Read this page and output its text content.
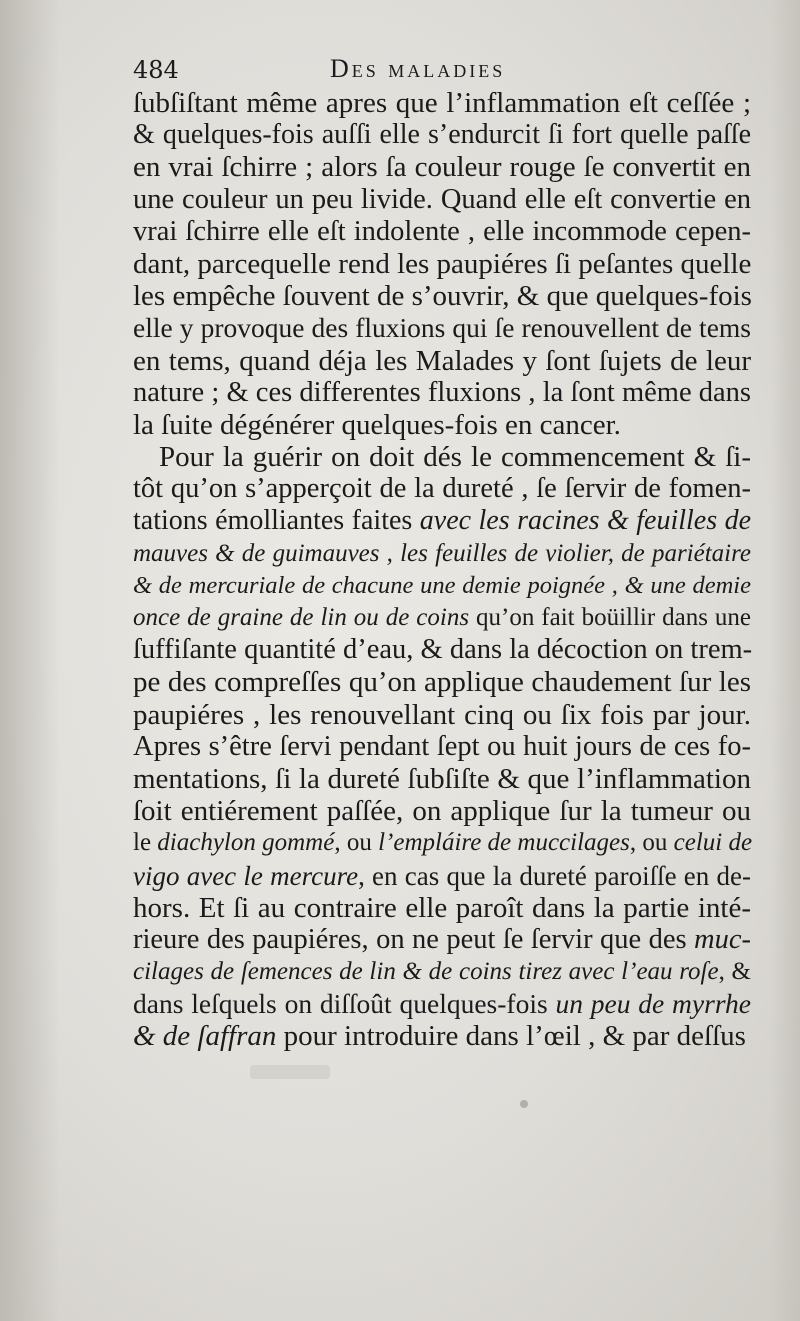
484	Des maladies
ſubſiſtant même apres que l’inflammation eſt ceſſée ;
& quelques-fois auſſi elle s’endurcit ſi fort quelle paſſe
en vrai ſchirre ; alors ſa couleur rouge ſe convertit en
une couleur un peu livide. Quand elle eſt convertie en
vrai ſchirre elle eſt indolente , elle incommode cepen-
dant, parcequelle rend les paupiéres ſi peſantes quelle
les empêche ſouvent de s’ouvrir, & que quelques-fois
elle y provoque des fluxions qui ſe renouvellent de tems
en tems, quand déja les Malades y ſont ſujets de leur
nature ; & ces differentes fluxions , la ſont même dans
la ſuite dégénérer quelques-fois en cancer.
Pour la guérir on doit dés le commencement & ſi-
tôt qu’on s’apperçoit de la dureté , ſe ſervir de fomen-
tations émolliantes faites avec les racines & feuilles de
mauves & de guimauves , les feuilles de violier, de pariétaire
& de mercuriale de chacune une demie poignée , & une demie
once de graine de lin ou de coins qu’on fait boüillir dans une
ſuffiſante quantité d’eau, & dans la décoction on trem-
pe des compreſſes qu’on applique chaudement ſur les
paupiéres , les renouvellant cinq ou ſix fois par jour.
Apres s’être ſervi pendant ſept ou huit jours de ces fo-
mentations, ſi la dureté ſubſiſte & que l’inflammation
ſoit entiérement paſſée, on applique ſur la tumeur ou
le diachylon gommé, ou l’empláire de muccilages, ou celui de
vigo avec le mercure, en cas que la dureté paroiſſe en de-
hors. Et ſi au contraire elle paroît dans la partie inté-
rieure des paupiéres, on ne peut ſe ſervir que des muc-
cilages de ſemences de lin & de coins tirez avec l’eau roſe, &
dans leſquels on diſſoût quelques-fois un peu de myrrhe
& de ſaffran pour introduire dans l’œil , & par deſſus
